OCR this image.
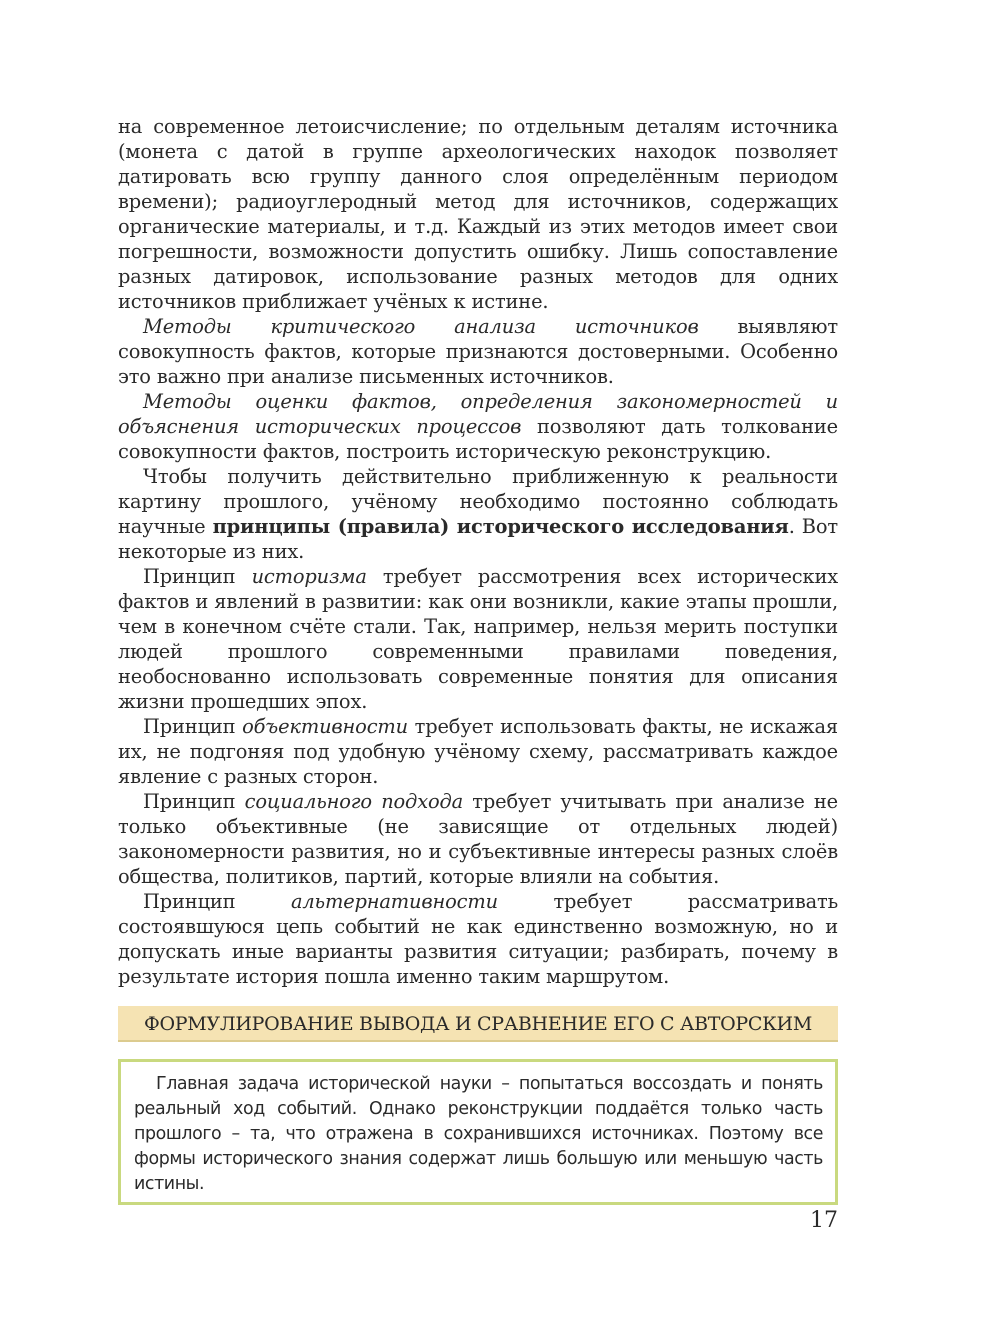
на современное летоисчисление; по отдельным деталям источника (монета с датой в группе археологических находок позволяет датировать всю группу данного слоя определённым периодом времени); радиоуглеродный метод для источников, содержащих органические материалы, и т.д. Каждый из этих методов имеет свои погрешности, возможности допустить ошибку. Лишь сопоставление разных датировок, использование разных методов для одних источников приближает учёных к истине.

Методы критического анализа источников выявляют совокупность фактов, которые признаются достоверными. Особенно это важно при анализе письменных источников.

Методы оценки фактов, определения закономерностей и объяснения исторических процессов позволяют дать толкование совокупности фактов, построить историческую реконструкцию.

Чтобы получить действительно приближенную к реальности картину прошлого, учёному необходимо постоянно соблюдать научные принципы (правила) исторического исследования. Вот некоторые из них.

Принцип историзма требует рассмотрения всех исторических фактов и явлений в развитии: как они возникли, какие этапы прошли, чем в конечном счёте стали. Так, например, нельзя мерить поступки людей прошлого современными правилами поведения, необоснованно использовать современные понятия для описания жизни прошедших эпох.

Принцип объективности требует использовать факты, не искажая их, не подгоняя под удобную учёному схему, рассматривать каждое явление с разных сторон.

Принцип социального подхода требует учитывать при анализе не только объективные (не зависящие от отдельных людей) закономерности развития, но и субъективные интересы разных слоёв общества, политиков, партий, которые влияли на события.

Принцип альтернативности требует рассматривать состоявшуюся цепь событий не как единственно возможную, но и допускать иные варианты развития ситуации; разбирать, почему в результате история пошла именно таким маршрутом.

ФОРМУЛИРОВАНИЕ ВЫВОДА И СРАВНЕНИЕ ЕГО С АВТОРСКИМ

Главная задача исторической науки – попытаться воссоздать и понять реальный ход событий. Однако реконструкции поддаётся только часть прошлого – та, что отражена в сохранившихся источниках. Поэтому все формы исторического знания содержат лишь большую или меньшую часть истины.

17
